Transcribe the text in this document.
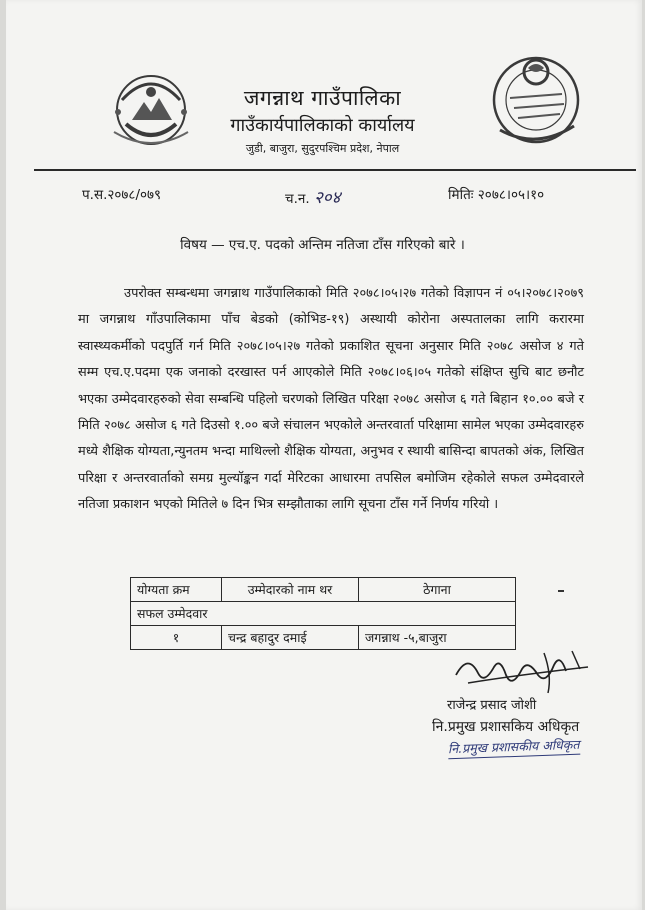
जगन्नाथ गाउँपालिका
गाउँकार्यपालिकाको कार्यालय
जुडी, बाजुरा, सुदुरपश्चिम प्रदेश, नेपाल
प.स.२०७८/०७९	च.न. २०४	मितिः २०७८।०५।१०
विषय — एच.ए. पदको अन्तिम नतिजा टाँस गरिएको बारे ।
उपरोक्त सम्बन्धमा जगन्नाथ गाउँपालिकाको मिति २०७८।०५।२७ गतेको विज्ञापन नं ०५।२०७८।२०७९ मा जगन्नाथ गाँउपालिकामा पाँच बेडको (कोभिड-१९) अस्थायी कोरोना अस्पतालका लागि करारमा स्वास्थ्यकर्मीको पदपुर्ति गर्न मिति २०७८।०५।२७ गतेको प्रकाशित सूचना अनुसार मिति २०७८ असोज ४ गते सम्म एच.ए.पदमा एक जनाको दरखास्त पर्न आएकोले मिति २०७८।०६।०५ गतेको संक्षिप्त सुचि बाट छनौट भएका उम्मेदवारहरुको सेवा सम्बन्धि पहिलो चरणको लिखित परिक्षा २०७८ असोज ६ गते बिहान १०.०० बजे र मिति २०७८ असोज ६ गते दिउसो १.०० बजे संचालन भएकोले अन्तरवार्ता परिक्षामा सामेल भएका उम्मेदवारहरु मध्ये शैक्षिक योग्यता,न्युनतम भन्दा माथिल्लो शैक्षिक योग्यता, अनुभव र स्थायी बासिन्दा बापतको अंक, लिखित परिक्षा र अन्तरवार्ताको समग्र मुल्यॉङ्कन गर्दा मेरिटका आधारमा तपसिल बमोजिम रहेकोले सफल उम्मेदवारले नतिजा प्रकाशन भएको मितिले ७ दिन भित्र सम्झौताका लागि सूचना टाँस गर्ने निर्णय गरियो ।
योग्यता क्रम	उम्मेदारको नाम थर	ठेगाना
सफल उम्मेदवार		
१	चन्द्र बहादुर दमाई	जगन्नाथ -५,बाजुरा
राजेन्द्र प्रसाद जोशी
नि.प्रमुख प्रशासकिय अधिकृत
नि.प्रमुख प्रशासकीय अधिकृत
